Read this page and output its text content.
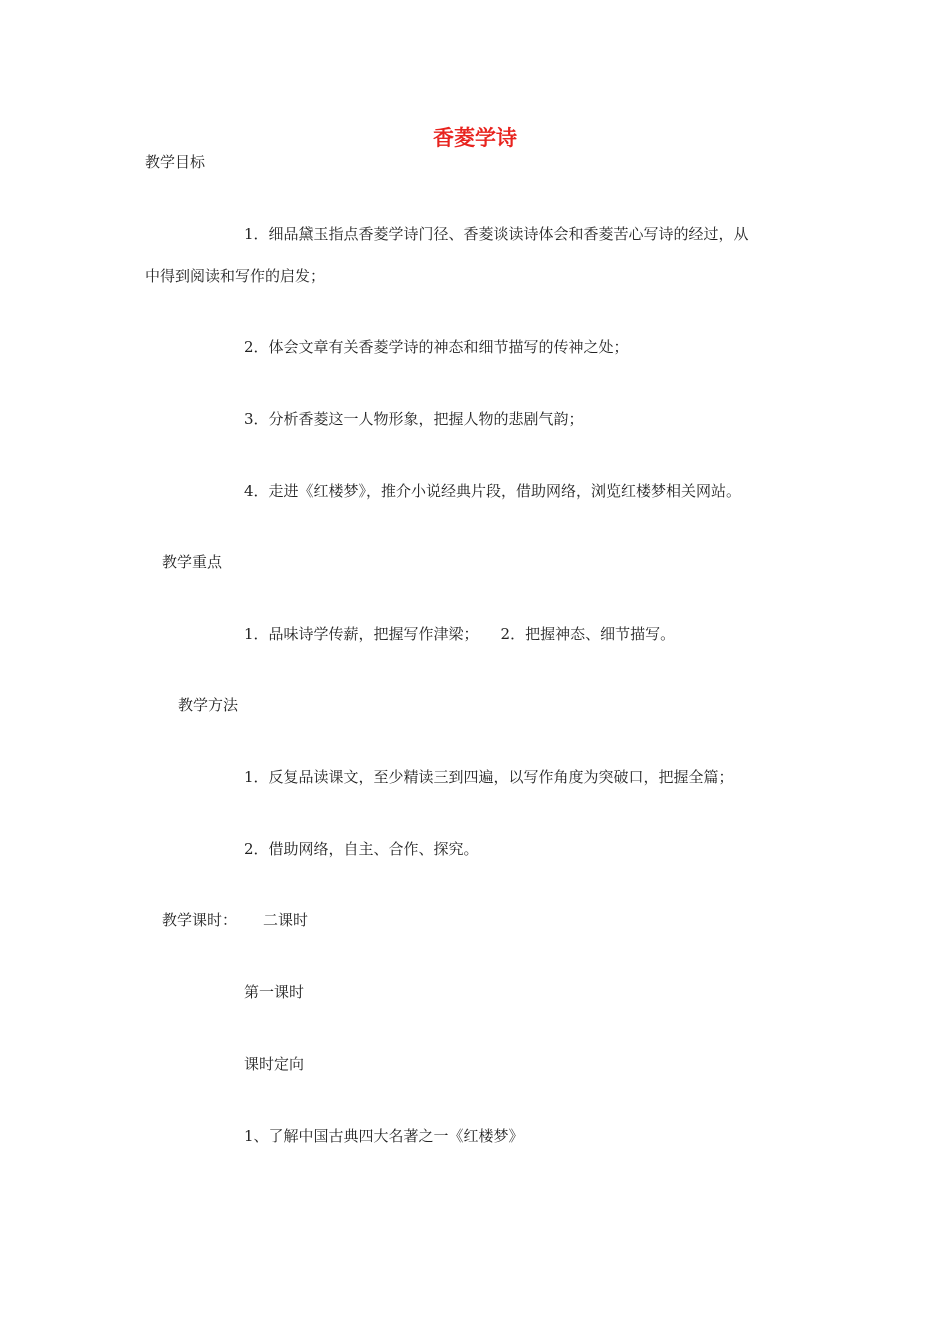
香菱学诗
教学目标
1．细品黛玉指点香菱学诗门径、香菱谈读诗体会和香菱苦心写诗的经过，从
中得到阅读和写作的启发；
2．体会文章有关香菱学诗的神态和细节描写的传神之处；
3．分析香菱这一人物形象，把握人物的悲剧气韵；
4．走进《红楼梦》，推介小说经典片段，借助网络，浏览红楼梦相关网站。
教学重点
1．品味诗学传薪，把握写作津梁； 2．把握神态、细节描写。
教学方法
1．反复品读课文，至少精读三到四遍，以写作角度为突破口，把握全篇；
2．借助网络，自主、合作、探究。
教学课时： 二课时
第一课时
课时定向
1、了解中国古典四大名著之一《红楼梦》
